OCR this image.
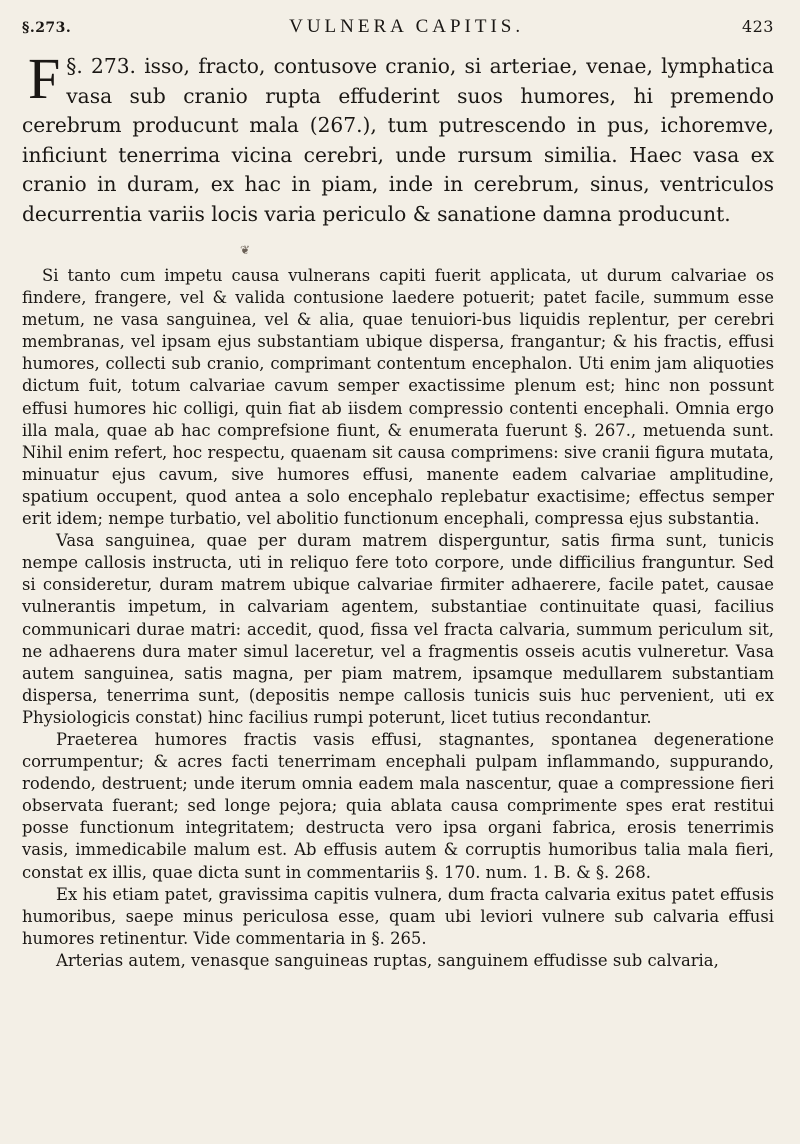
§.273.	VULNERA CAPITIS.	423

§. 273.
F	issо, fracto, contusove cranio, si arteriae, venae, lymphatica vasa sub cranio rupta effuderint suos humores, hi premendo cerebrum producunt mala (267.), tum putrescendo in pus, ichoremve, inficiunt tenerrima vicina cerebri, unde rursum similia. Haec vasa ex cranio in duram, ex hac in piam, inde in cerebrum, sinus, ventriculos decurrentia variis locis varia periculo & sanatione damna producunt.

❦

Si tanto cum impetu causa vulnerans capiti fuerit applicata, ut durum calvariae os findere, frangere, vel & valida contusione laedere potuerit; patet facile, summum esse metum, ne vasa sanguinea, vel & alia, quae tenuiori-bus liquidis replentur, per cerebri membranas, vel ipsam ejus substantiam ubique dispersa, frangantur; & his fractis, effusi humores, collecti sub cranio, comprimant contentum encephalon. Uti enim jam aliquoties dictum fuit, totum calvariae cavum semper exactissime plenum est; hinc non possunt effusi humores hic colligi, quin fiat ab iisdem compressio contenti encephali. Omnia ergo illa mala, quae ab hac comprefsione fiunt, & enumerata fuerunt §. 267., metuenda sunt. Nihil enim refert, hoc respectu, quaenam sit causa comprimens: sive cranii figura mutata, minuatur ejus cavum, sive humores effusi, manente eadem calvariae amplitudine, spatium occupent, quod antea a solo encephalo replebatur exactisime; effectus semper erit idem; nempe turbatio, vel abolitio functionum encephali, compressa ejus substantia.

Vasa sanguinea, quae per duram matrem disperguntur, satis firma sunt, tunicis nempe callosis instructa, uti in reliquo fere toto corpore, unde difficilius franguntur. Sed si consideretur, duram matrem ubique calvariae firmiter adhaerere, facile patet, causae vulnerantis impetum, in calvariam agentem, substantiae continuitate quasi, facilius communicari durae matri: accedit, quod, fissa vel fracta calvaria, summum periculum sit, ne adhaerens dura mater simul laceretur, vel a fragmentis osseis acutis vulneretur. Vasa autem sanguinea, satis magna, per piam matrem, ipsamque medullarem substantiam dispersa, tenerrima sunt, (depositis nempe callosis tunicis suis huc pervenient, uti ex Physiologicis constat) hinc facilius rumpi poterunt, licet tutius recondantur.

Praeterea humores fractis vasis effusi, stagnantes, spontanea degeneratione corrumpentur; & acres facti tenerrimam encephali pulpam inflammando, suppurando, rodendo, destruent; unde iterum omnia eadem mala nascentur, quae a compressione fieri observata fuerant; sed longe pejora; quia ablata causa comprimente spes erat restitui posse functionum integritatem; destructa vero ipsa organi fabrica, erosis tenerrimis vasis, immedicabile malum est. Ab effusis autem & corruptis humoribus talia mala fieri, constat ex illis, quae dicta sunt in commentariis §. 170. num. 1. B. & §. 268.

Ex his etiam patet, gravissima capitis vulnera, dum fracta calvaria exitus patet effusis humoribus, saepe minus periculosa esse, quam ubi leviori vulnere sub calvaria effusi humores retinentur. Vide commentaria in §. 265.

Arterias autem, venasque sanguineas ruptas, sanguinem effudisse sub calvaria,
